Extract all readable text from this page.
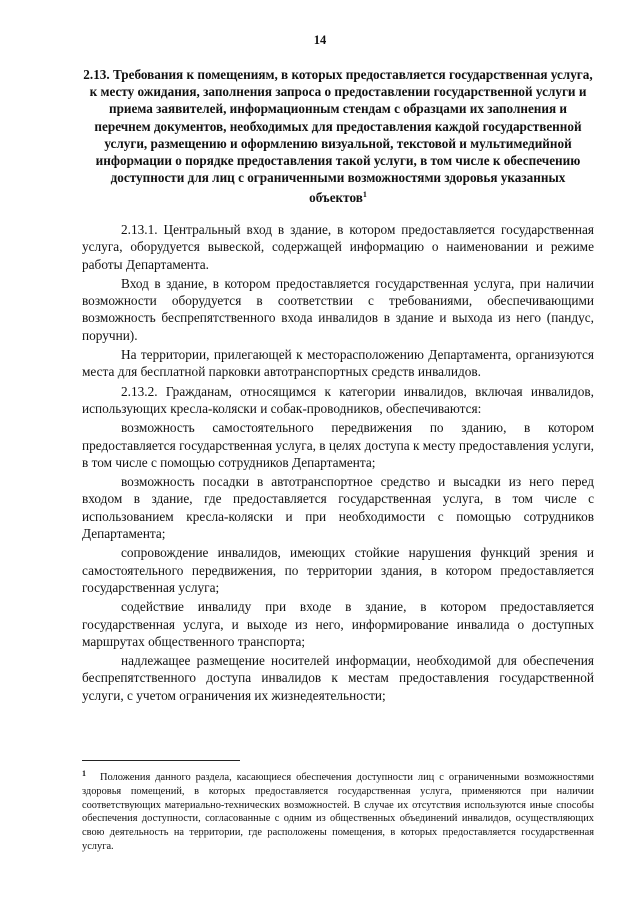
14
2.13. Требования к помещениям, в которых предоставляется государственная услуга, к месту ожидания, заполнения запроса о предоставлении государственной услуги и приема заявителей, информационным стендам с образцами их заполнения и перечнем документов, необходимых для предоставления каждой государственной услуги, размещению и оформлению визуальной, текстовой и мультимедийной информации о порядке предоставления такой услуги, в том числе к обеспечению доступности для лиц с ограниченными возможностями здоровья указанных объектов$^1$

2.13.1. Центральный вход в здание, в котором предоставляется государственная услуга, оборудуется вывеской, содержащей информацию о наименовании и режиме работы Департамента.

Вход в здание, в котором предоставляется государственная услуга, при наличии возможности оборудуется в соответствии с требованиями, обеспечивающими возможность беспрепятственного входа инвалидов в здание и выхода из него (пандус, поручни).

На территории, прилегающей к месторасположению Департамента, организуются места для бесплатной парковки автотранспортных средств инвалидов.

2.13.2. Гражданам, относящимся к категории инвалидов, включая инвалидов, использующих кресла-коляски и собак-проводников, обеспечиваются:

возможность самостоятельного передвижения по зданию, в котором предоставляется государственная услуга, в целях доступа к месту предоставления услуги, в том числе с помощью сотрудников Департамента;

возможность посадки в автотранспортное средство и высадки из него перед входом в здание, где предоставляется государственная услуга, в том числе с использованием кресла-коляски и при необходимости с помощью сотрудников Департамента;

сопровождение инвалидов, имеющих стойкие нарушения функций зрения и самостоятельного передвижения, по территории здания, в котором предоставляется государственная услуга;

содействие инвалиду при входе в здание, в котором предоставляется государственная услуга, и выходе из него, информирование инвалида о доступных маршрутах общественного транспорта;

надлежащее размещение носителей информации, необходимой для обеспечения беспрепятственного доступа инвалидов к местам предоставления государственной услуги, с учетом ограничения их жизнедеятельности;

$^1$ Положения данного раздела, касающиеся обеспечения доступности лиц с ограниченными возможностями здоровья помещений, в которых предоставляется государственная услуга, применяются при наличии соответствующих материально-технических возможностей. В случае их отсутствия используются иные способы обеспечения доступности, согласованные с одним из общественных объединений инвалидов, осуществляющих свою деятельность на территории, где расположены помещения, в которых предоставляется государственная услуга.
